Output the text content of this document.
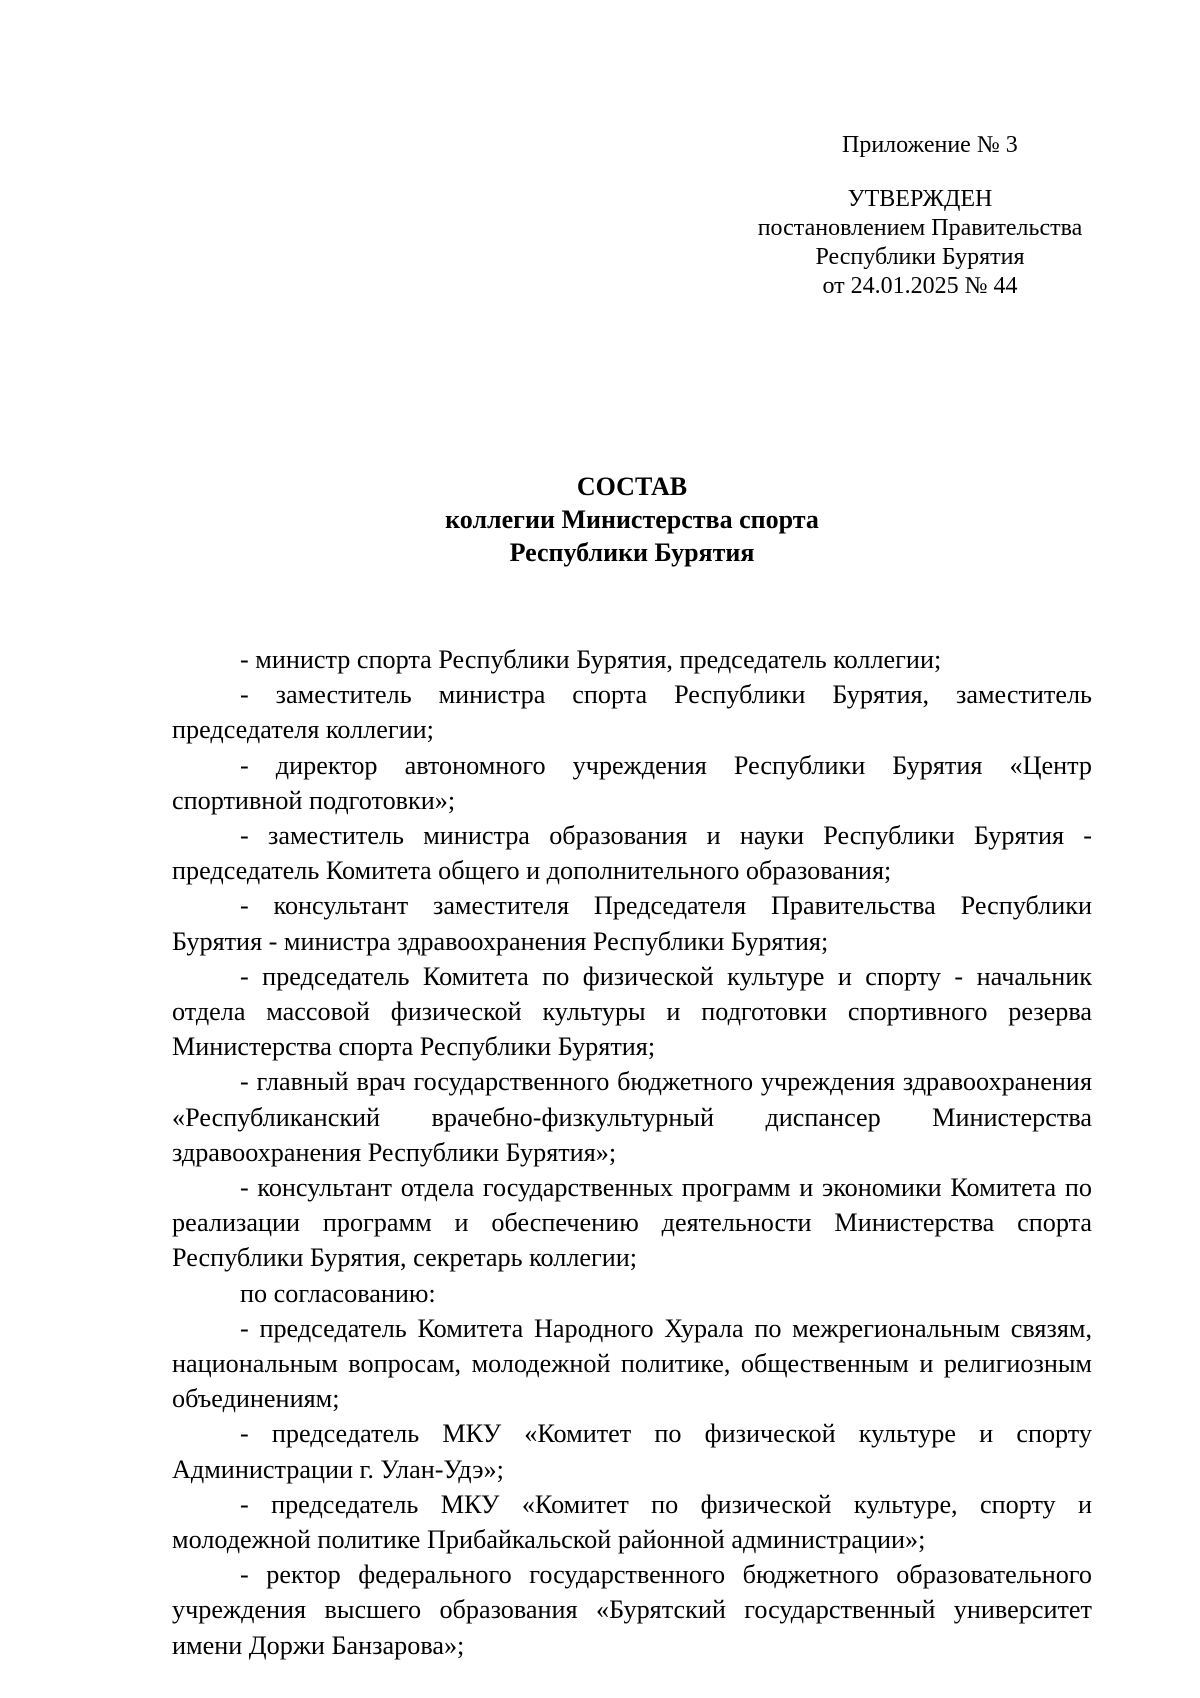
Приложение № 3
УТВЕРЖДЕН
постановлением Правительства
Республики Бурятия
от 24.01.2025 № 44
СОСТАВ
коллегии Министерства спорта
Республики Бурятия

- министр спорта Республики Бурятия, председатель коллегии;

- заместитель министра спорта Республики Бурятия, заместитель председателя коллегии;

- директор автономного учреждения Республики Бурятия «Центр спортивной подготовки»;

- заместитель министра образования и науки Республики Бурятия - председатель Комитета общего и дополнительного образования;

- консультант заместителя Председателя Правительства Республики Бурятия - министра здравоохранения Республики Бурятия;

- председатель Комитета по физической культуре и спорту - начальник отдела массовой физической культуры и подготовки спортивного резерва Министерства спорта Республики Бурятия;

- главный врач государственного бюджетного учреждения здравоохранения «Республиканский врачебно-физкультурный диспансер Министерства здравоохранения Республики Бурятия»;

- консультант отдела государственных программ и экономики Комитета по реализации программ и обеспечению деятельности Министерства спорта Республики Бурятия, секретарь коллегии;

по согласованию:

- председатель Комитета Народного Хурала по межрегиональным связям, национальным вопросам, молодежной политике, общественным и религиозным объединениям;

- председатель МКУ «Комитет по физической культуре и спорту Администрации г. Улан-Удэ»;

- председатель МКУ «Комитет по физической культуре, спорту и молодежной политике Прибайкальской районной администрации»;

- ректор федерального государственного бюджетного образовательного учреждения высшего образования «Бурятский государственный университет имени Доржи Банзарова»;
